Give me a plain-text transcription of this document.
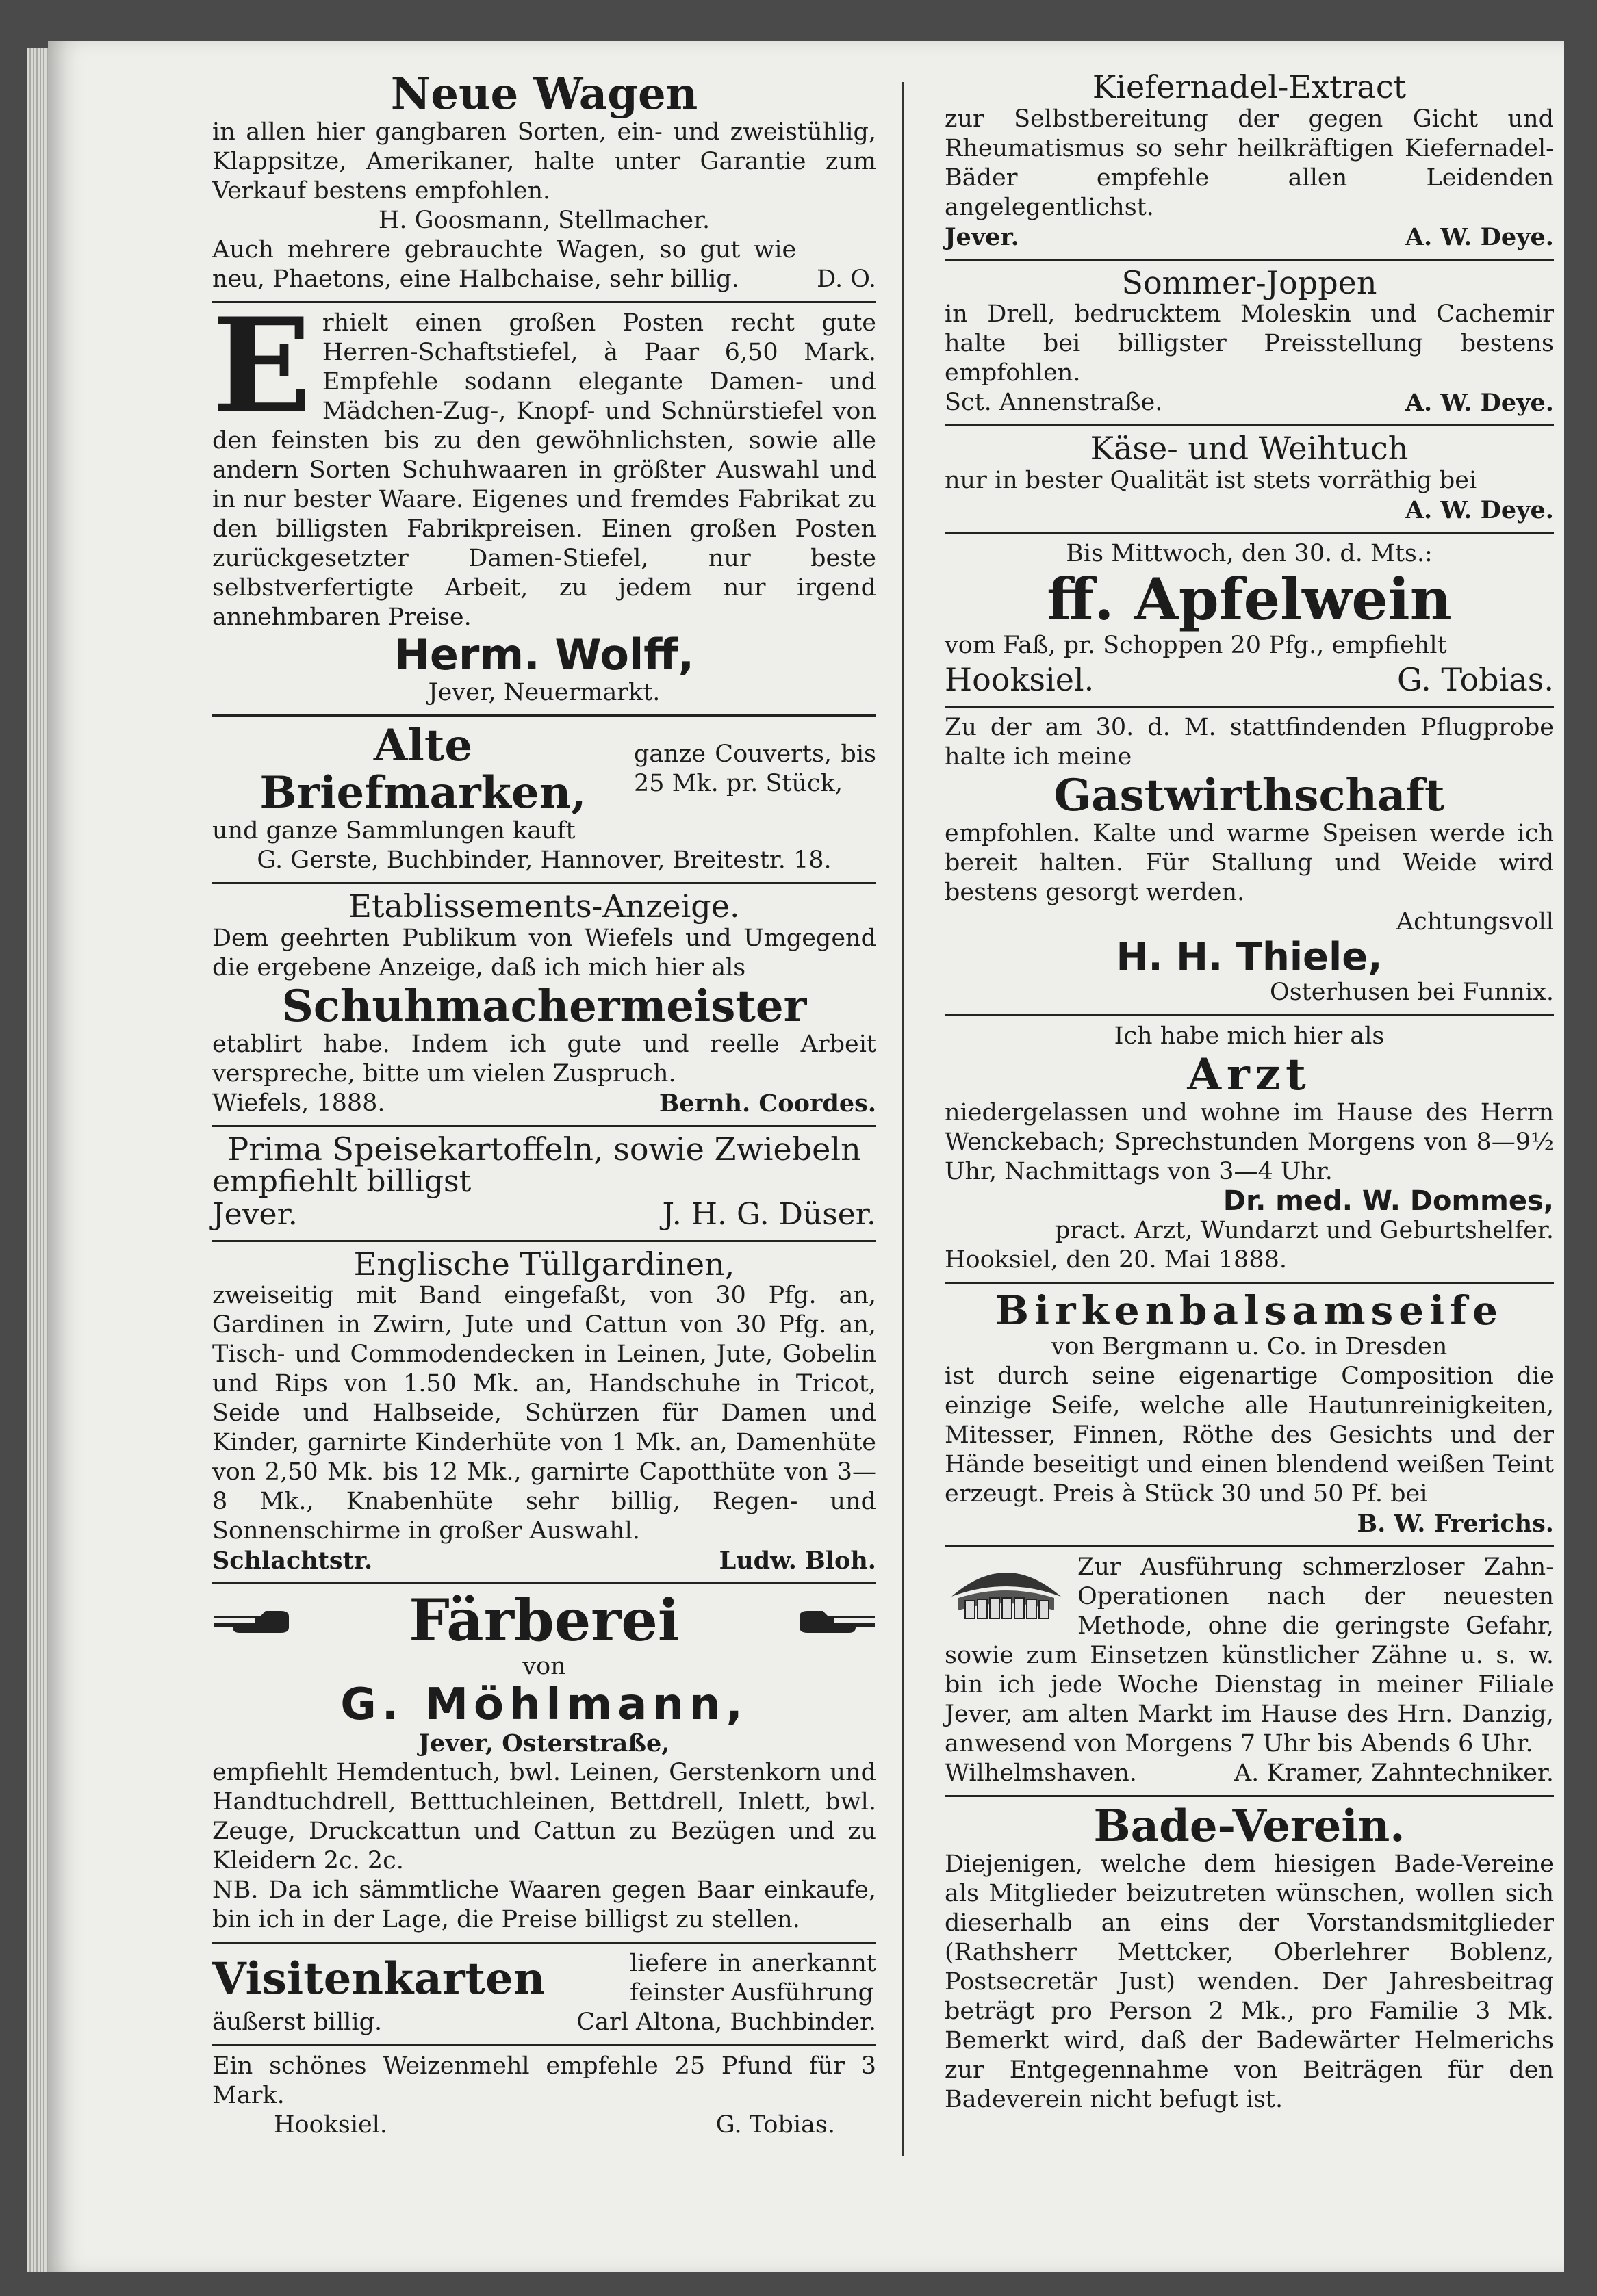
Neue Wagen

in allen hier gangbaren Sorten, ein- und zweistühlig, Klappsitze, Amerikaner, halte unter Garantie zum Verkauf bestens empfohlen.

H. Goosmann, Stellmacher.

Auch mehrere gebrauchte Wagen, so gut wie neu, Phaetons, eine Halbchaise, sehr billig.	D. O.

E rhielt einen großen Posten recht gute Herren-Schaftstiefel, à Paar 6,50 Mark. Empfehle sodann elegante Damen- und Mädchen-Zug-, Knopf- und Schnürstiefel von den feinsten bis zu den gewöhnlichsten, sowie alle andern Sorten Schuhwaaren in größter Auswahl und in nur bester Waare. Eigenes und fremdes Fabrikat zu den billigsten Fabrikpreisen. Einen großen Posten zurückgesetzter Damen-Stiefel, nur beste selbstverfertigte Arbeit, zu jedem nur irgend annehmbaren Preise.

Herm. Wolff,

Jever, Neuermarkt.

Alte Briefmarken,
ganze Couverts, bis 25 Mk. pr. Stück,

und ganze Sammlungen kauft

G. Gerste, Buchbinder, Hannover, Breitestr. 18.

Etablissements-Anzeige.

Dem geehrten Publikum von Wiefels und Umgegend die ergebene Anzeige, daß ich mich hier als

Schuhmachermeister

etablirt habe. Indem ich gute und reelle Arbeit verspreche, bitte um vielen Zuspruch.

Wiefels, 1888.	Bernh. Coordes.

Prima Speisekartoffeln, sowie Zwiebeln

empfiehlt billigst

Jever.	J. H. G. Düser.

Englische Tüllgardinen,

zweiseitig mit Band eingefaßt, von 30 Pfg. an, Gardinen in Zwirn, Jute und Cattun von 30 Pfg. an, Tisch- und Commodendecken in Leinen, Jute, Gobelin und Rips von 1.50 Mk. an, Handschuhe in Tricot, Seide und Halbseide, Schürzen für Damen und Kinder, garnirte Kinderhüte von 1 Mk. an, Damenhüte von 2,50 Mk. bis 12 Mk., garnirte Capotthüte von 3—8 Mk., Knabenhüte sehr billig, Regen- und Sonnenschirme in großer Auswahl.

Schlachtstr.	Ludw. Bloh.
Färberei

von

G. Möhlmann,

Jever, Osterstraße,

empfiehlt Hemdentuch, bwl. Leinen, Gerstenkorn und Handtuchdrell, Betttuchleinen, Bettdrell, Inlett, bwl. Zeuge, Druckcattun und Cattun zu Bezügen und zu Kleidern 2c. 2c.

NB. Da ich sämmtliche Waaren gegen Baar einkaufe, bin ich in der Lage, die Preise billigst zu stellen.

Visitenkarten	liefere in anerkannt feinster Ausführung
äußerst billig.	Carl Altona, Buchbinder.

Ein schönes Weizenmehl empfehle 25 Pfund für 3 Mark.

Hooksiel.	G. Tobias.

Kiefernadel-Extract

zur Selbstbereitung der gegen Gicht und Rheumatismus so sehr heilkräftigen Kiefernadel-Bäder empfehle allen Leidenden angelegentlichst.

Jever.	A. W. Deye.

Sommer-Joppen

in Drell, bedrucktem Moleskin und Cachemir halte bei billigster Preisstellung bestens empfohlen.

Sct. Annenstraße.	A. W. Deye.

Käse- und Weihtuch

nur in bester Qualität ist stets vorräthig bei

A. W. Deye.

Bis Mittwoch, den 30. d. Mts.:

ff. Apfelwein

vom Faß, pr. Schoppen 20 Pfg., empfiehlt

Hooksiel.	G. Tobias.

Zu der am 30. d. M. stattfindenden Pflugprobe halte ich meine

Gastwirthschaft

empfohlen. Kalte und warme Speisen werde ich bereit halten. Für Stallung und Weide wird bestens gesorgt werden.

Achtungsvoll

H. H. Thiele,

Osterhusen bei Funnix.

Ich habe mich hier als

Arzt

niedergelassen und wohne im Hause des Herrn Wenckebach; Sprechstunden Morgens von 8—9½ Uhr, Nachmittags von 3—4 Uhr.

Dr. med. W. Dommes,

pract. Arzt, Wundarzt und Geburtshelfer.

Hooksiel, den 20. Mai 1888.

Birkenbalsamseife

von Bergmann u. Co. in Dresden

ist durch seine eigenartige Composition die einzige Seife, welche alle Hautunreinigkeiten, Mitesser, Finnen, Röthe des Gesichts und der Hände beseitigt und einen blendend weißen Teint erzeugt. Preis à Stück 30 und 50 Pf. bei

B. W. Frerichs.

Zur Ausführung schmerzloser Zahn-Operationen nach der neuesten Methode, ohne die geringste Gefahr, sowie zum Einsetzen künstlicher Zähne u. s. w. bin ich jede Woche Dienstag in meiner Filiale Jever, am alten Markt im Hause des Hrn. Danzig, anwesend von Morgens 7 Uhr bis Abends 6 Uhr.

Wilhelmshaven.	A. Kramer, Zahntechniker.

Bade-Verein.

Diejenigen, welche dem hiesigen Bade-Vereine als Mitglieder beizutreten wünschen, wollen sich dieserhalb an eins der Vorstandsmitglieder (Rathsherr Mettcker, Oberlehrer Boblenz, Postsecretär Just) wenden. Der Jahresbeitrag beträgt pro Person 2 Mk., pro Familie 3 Mk. Bemerkt wird, daß der Badewärter Helmerichs zur Entgegennahme von Beiträgen für den Badeverein nicht befugt ist.
